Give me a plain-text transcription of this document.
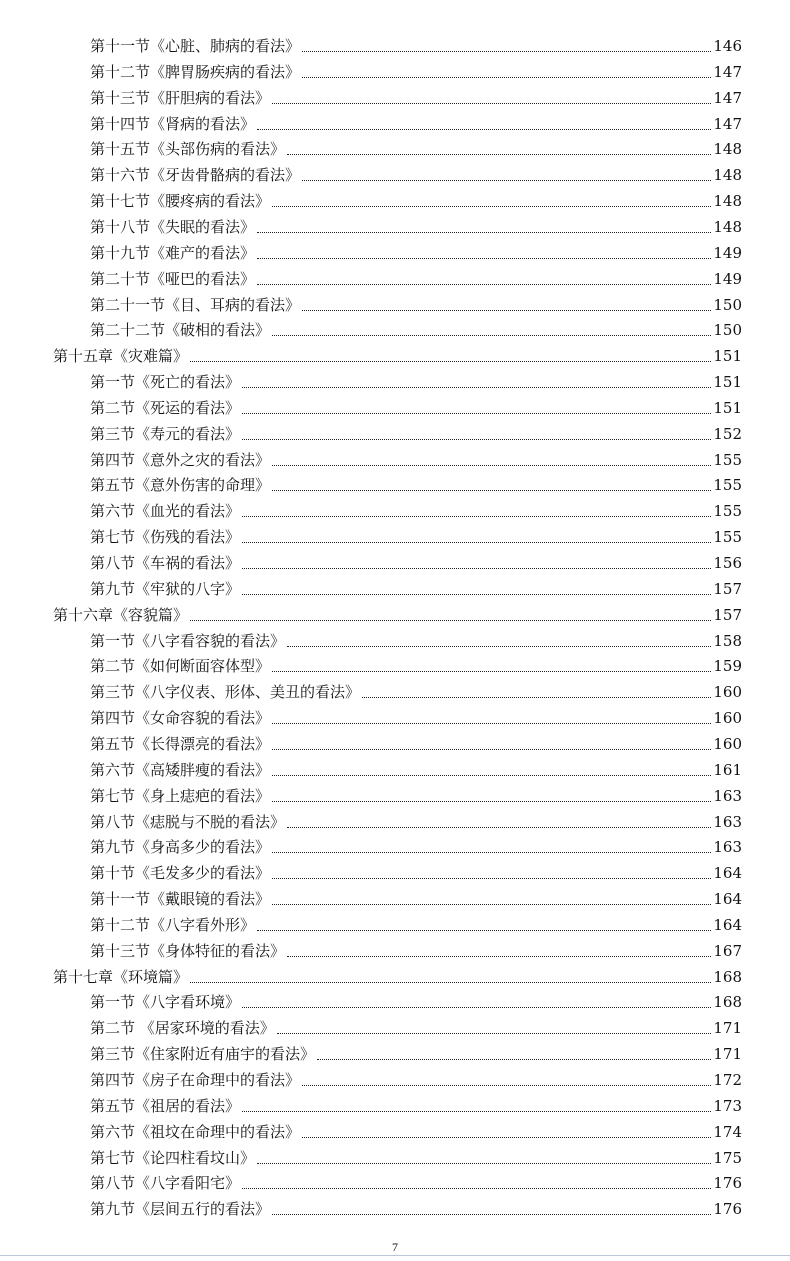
第十一节《心脏、肺病的看法》	146
第十二节《脾胃肠疾病的看法》	147
第十三节《肝胆病的看法》	147
第十四节《肾病的看法》	147
第十五节《头部伤病的看法》	148
第十六节《牙齿骨骼病的看法》	148
第十七节《腰疼病的看法》	148
第十八节《失眠的看法》	148
第十九节《难产的看法》	149
第二十节《哑巴的看法》	149
第二十一节《目、耳病的看法》	150
第二十二节《破相的看法》	150
第十五章《灾难篇》	151
第一节《死亡的看法》	151
第二节《死运的看法》	151
第三节《寿元的看法》	152
第四节《意外之灾的看法》	155
第五节《意外伤害的命理》	155
第六节《血光的看法》	155
第七节《伤残的看法》	155
第八节《车祸的看法》	156
第九节《牢狱的八字》	157
第十六章《容貌篇》	157
第一节《八字看容貌的看法》	158
第二节《如何断面容体型》	159
第三节《八字仪表、形体、美丑的看法》	160
第四节《女命容貌的看法》	160
第五节《长得漂亮的看法》	160
第六节《高矮胖瘦的看法》	161
第七节《身上痣疤的看法》	163
第八节《痣脱与不脱的看法》	163
第九节《身高多少的看法》	163
第十节《毛发多少的看法》	164
第十一节《戴眼镜的看法》	164
第十二节《八字看外形》	164
第十三节《身体特征的看法》	167
第十七章《环境篇》	168
第一节《八字看环境》	168
第二节 《居家环境的看法》	171
第三节《住家附近有庙宇的看法》	171
第四节《房子在命理中的看法》	172
第五节《祖居的看法》	173
第六节《祖坟在命理中的看法》	174
第七节《论四柱看坟山》	175
第八节《八字看阳宅》	176
第九节《层间五行的看法》	176
7
